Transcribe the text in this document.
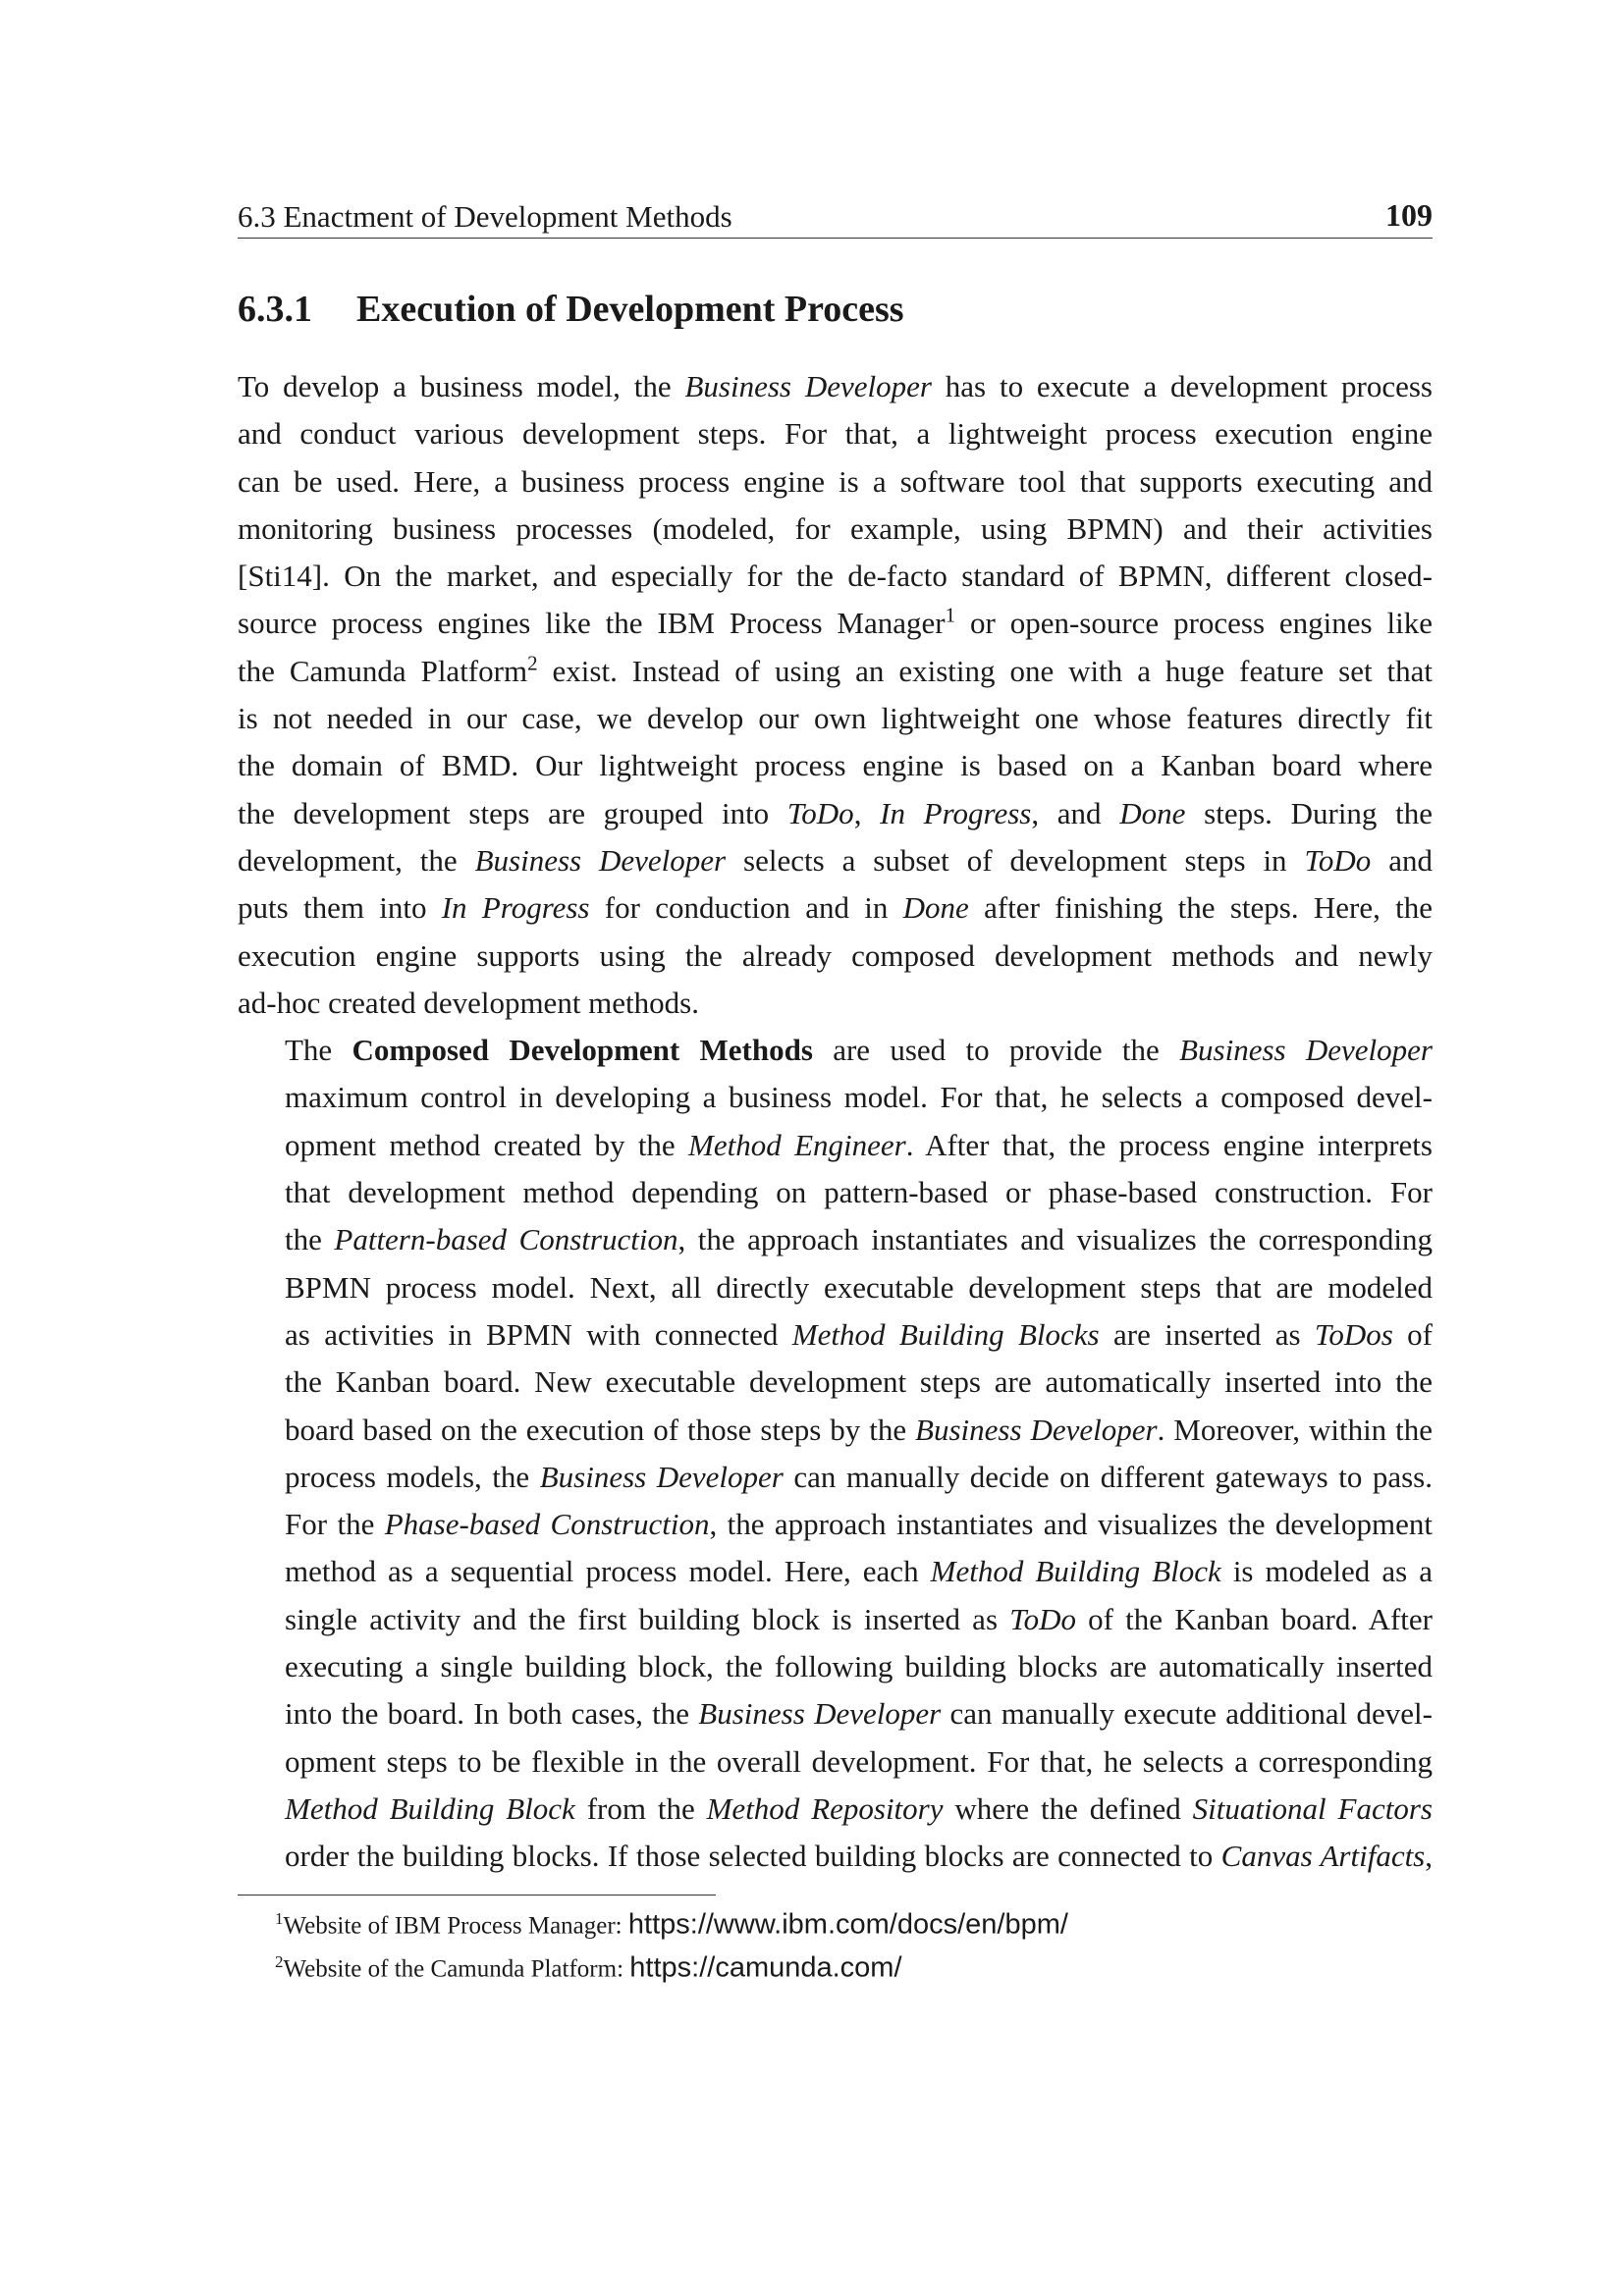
6.3 Enactment of Development Methods	109
6.3.1 Execution of Development Process

To develop a business model, the Business Developer has to execute a development process
and conduct various development steps. For that, a lightweight process execution engine
can be used. Here, a business process engine is a software tool that supports executing and
monitoring business processes (modeled, for example, using BPMN) and their activities
[Sti14]. On the market, and especially for the de-facto standard of BPMN, different closed-
source process engines like the IBM Process Manager$^1$ or open-source process engines like
the Camunda Platform$^2$ exist. Instead of using an existing one with a huge feature set that
is not needed in our case, we develop our own lightweight one whose features directly fit
the domain of BMD. Our lightweight process engine is based on a Kanban board where
the development steps are grouped into ToDo, In Progress, and Done steps. During the
development, the Business Developer selects a subset of development steps in ToDo and
puts them into In Progress for conduction and in Done after finishing the steps. Here, the
execution engine supports using the already composed development methods and newly
ad-hoc created development methods.

The Composed Development Methods are used to provide the Business Developer
maximum control in developing a business model. For that, he selects a composed devel-
opment method created by the Method Engineer. After that, the process engine interprets
that development method depending on pattern-based or phase-based construction. For
the Pattern-based Construction, the approach instantiates and visualizes the corresponding
BPMN process model. Next, all directly executable development steps that are modeled
as activities in BPMN with connected Method Building Blocks are inserted as ToDos of
the Kanban board. New executable development steps are automatically inserted into the
board based on the execution of those steps by the Business Developer. Moreover, within the
process models, the Business Developer can manually decide on different gateways to pass.
For the Phase-based Construction, the approach instantiates and visualizes the development
method as a sequential process model. Here, each Method Building Block is modeled as a
single activity and the first building block is inserted as ToDo of the Kanban board. After
executing a single building block, the following building blocks are automatically inserted
into the board. In both cases, the Business Developer can manually execute additional devel-
opment steps to be flexible in the overall development. For that, he selects a corresponding
Method Building Block from the Method Repository where the defined Situational Factors
order the building blocks. If those selected building blocks are connected to Canvas Artifacts,

$^1$Website of IBM Process Manager: https://www.ibm.com/docs/en/bpm/
$^2$Website of the Camunda Platform: https://camunda.com/
